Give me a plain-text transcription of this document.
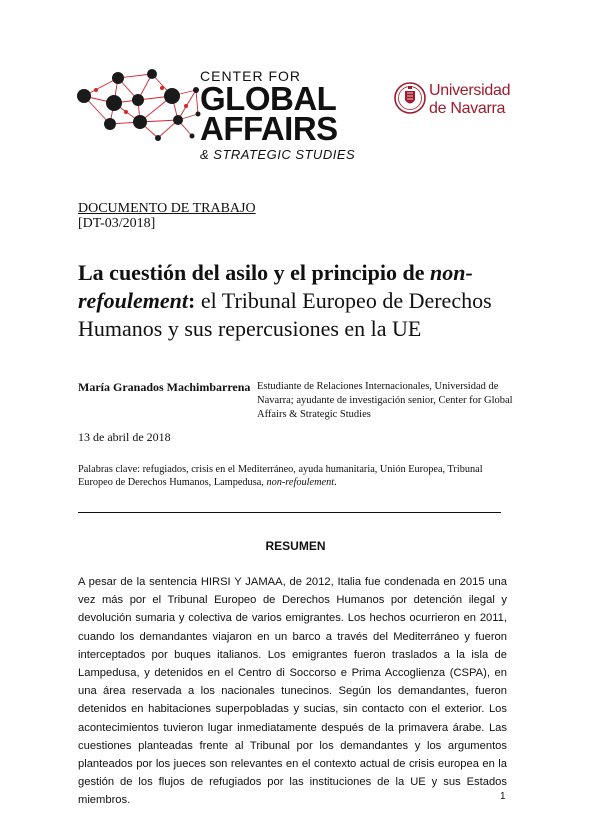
CENTER FOR
GLOBAL
AFFAIRS
& STRATEGIC STUDIES
Universidad
de Navarra
DOCUMENTO DE TRABAJO
[DT-03/2018]
La cuestión del asilo y el principio de non-refoulement: el Tribunal Europeo de Derechos Humanos y sus repercusiones en la UE
María Granados Machimbarrena Estudiante de Relaciones Internacionales, Universidad de Navarra; ayudante de investigación senior, Center for Global Affairs & Strategic Studies
13 de abril de 2018
Palabras clave: refugiados, crisis en el Mediterráneo, ayuda humanitaria, Unión Europea, Tribunal Europeo de Derechos Humanos, Lampedusa, non-refoulement.
RESUMEN
A pesar de la sentencia HIRSI Y JAMAA, de 2012, Italia fue condenada en 2015 una vez más por el Tribunal Europeo de Derechos Humanos por detención ilegal y devolución sumaria y colectiva de varios emigrantes. Los hechos ocurrieron en 2011, cuando los demandantes viajaron en un barco a través del Mediterráneo y fueron interceptados por buques italianos. Los emigrantes fueron traslados a la isla de Lampedusa, y detenidos en el Centro di Soccorso e Prima Accoglienza (CSPA), en una área reservada a los nacionales tunecinos. Según los demandantes, fueron detenidos en habitaciones superpobladas y sucias, sin contacto con el exterior. Los acontecimientos tuvieron lugar inmediatamente después de la primavera árabe. Las cuestiones planteadas frente al Tribunal por los demandantes y los argumentos planteados por los jueces son relevantes en el contexto actual de crisis europea en la gestión de los flujos de refugiados por las instituciones de la UE y sus Estados miembros.	1
